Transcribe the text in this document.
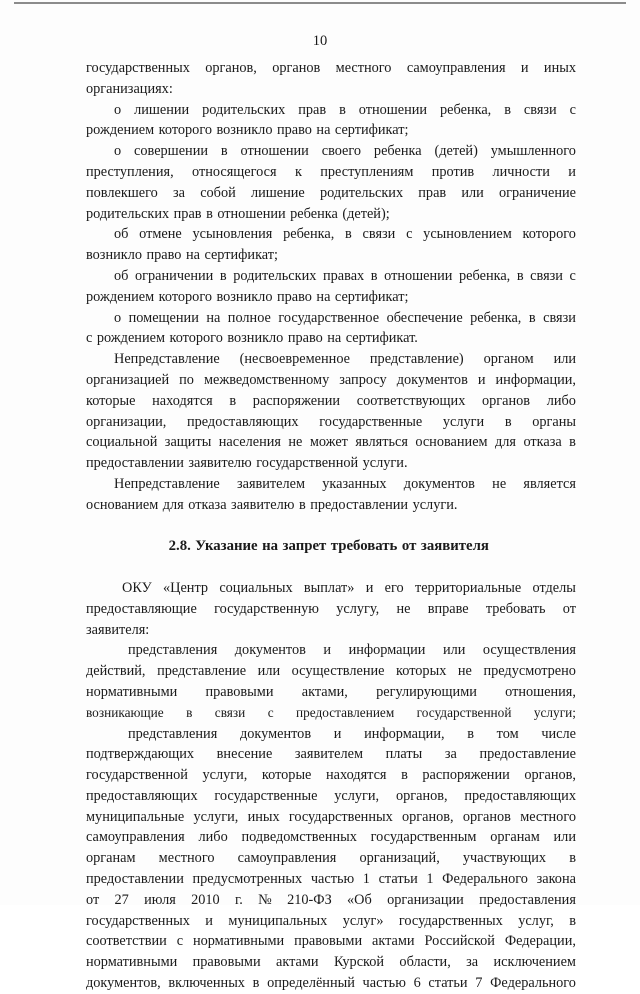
10
государственных органов, органов местного самоуправления и иных
организациях:
о лишении родительских прав в отношении ребенка, в связи с
рождением которого возникло право на сертификат;
о совершении в отношении своего ребенка (детей) умышленного
преступления, относящегося к преступлениям против личности и
повлекшего за собой лишение родительских прав или ограничение
родительских прав в отношении ребенка (детей);
об отмене усыновления ребенка, в связи с усыновлением которого
возникло право на сертификат;
об ограничении в родительских правах в отношении ребенка, в связи с
рождением которого возникло право на сертификат;
о помещении на полное государственное обеспечение ребенка, в связи
с рождением которого возникло право на сертификат.
Непредставление (несвоевременное представление) органом или
организацией по межведомственному запросу документов и информации,
которые находятся в распоряжении соответствующих органов либо
организации, предоставляющих государственные услуги в органы
социальной защиты населения не может являться основанием для отказа в
предоставлении заявителю государственной услуги.
Непредставление заявителем указанных документов не является
основанием для отказа заявителю в предоставлении услуги.
2.8. Указание на запрет требовать от заявителя
ОКУ «Центр социальных выплат» и его территориальные отделы
предоставляющие государственную услугу, не вправе требовать от
заявителя:
представления документов и информации или осуществления
действий, представление или осуществление которых не предусмотрено
нормативными правовыми актами, регулирующими отношения,
возникающие в связи с предоставлением государственной услуги;
представления документов и информации, в том числе
подтверждающих внесение заявителем платы за предоставление
государственной услуги, которые находятся в распоряжении органов,
предоставляющих государственные услуги, органов, предоставляющих
муниципальные услуги, иных государственных органов, органов местного
самоуправления либо подведомственных государственным органам или
органам местного самоуправления организаций, участвующих в
предоставлении предусмотренных частью 1 статьи 1 Федерального закона
от 27 июля 2010 г. № 210-ФЗ «Об организации предоставления
государственных и муниципальных услуг» государственных услуг, в
соответствии с нормативными правовыми актами Российской Федерации,
нормативными правовыми актами Курской области, за исключением
документов, включенных в определённый частью 6 статьи 7 Федерального
